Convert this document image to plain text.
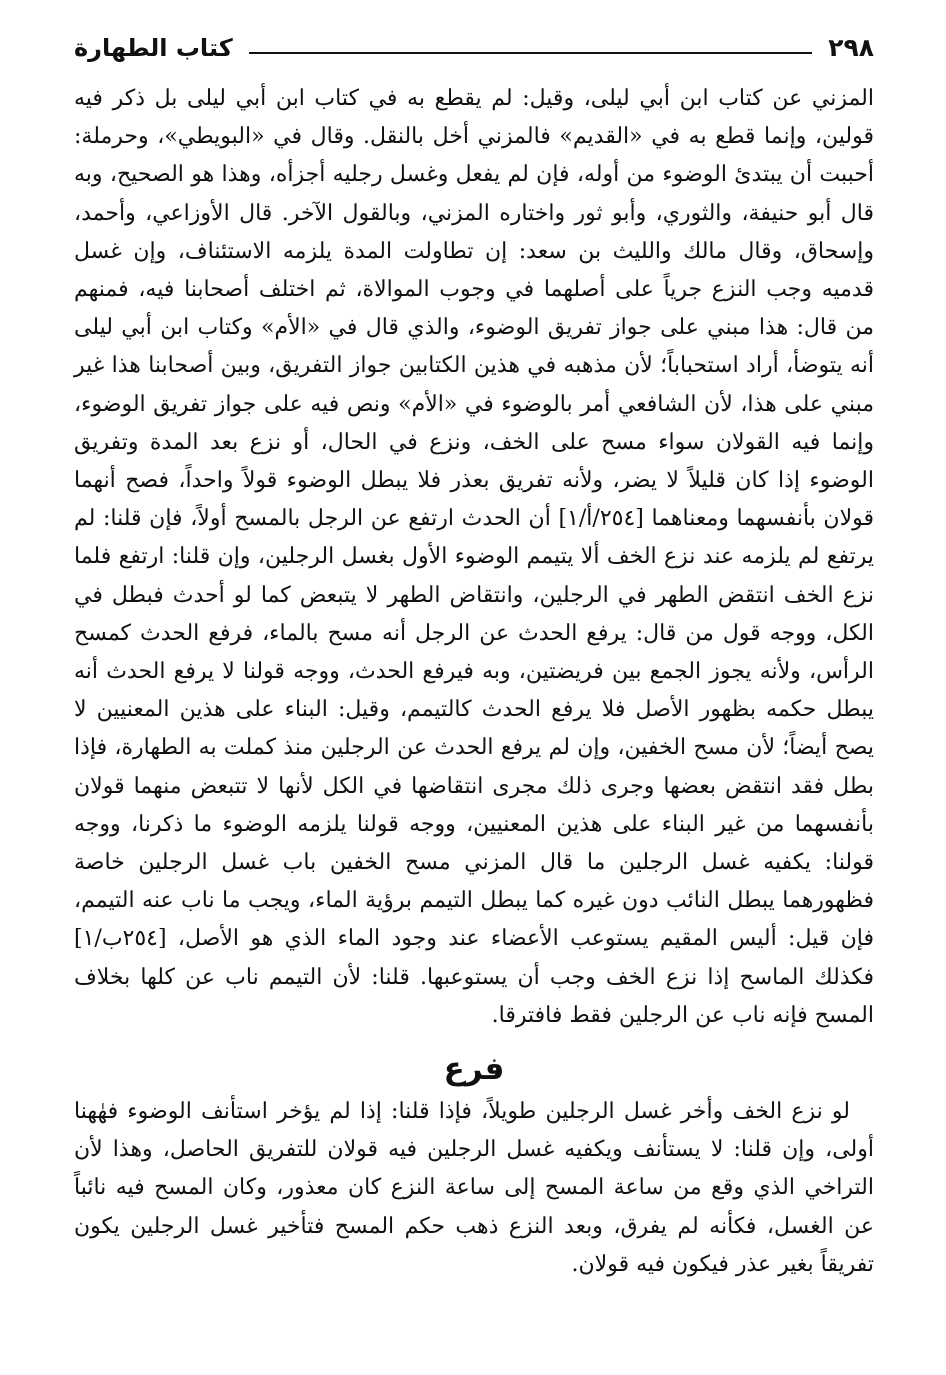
٢٩٨
كتاب الطهارة

المزني عن كتاب ابن أبي ليلى، وقيل: لم يقطع به في كتاب ابن أبي ليلى بل ذكر فيه قولين، وإنما قطع به في «القديم» فالمزني أخل بالنقل. وقال في «البويطي»، وحرملة: أحببت أن يبتدئ الوضوء من أوله، فإن لم يفعل وغسل رجليه أجزأه، وهذا هو الصحيح، وبه قال أبو حنيفة، والثوري، وأبو ثور واختاره المزني، وبالقول الآخر. قال الأوزاعي، وأحمد، وإسحاق، وقال مالك والليث بن سعد: إن تطاولت المدة يلزمه الاستئناف، وإن غسل قدميه وجب النزع جرياً على أصلهما في وجوب الموالاة، ثم اختلف أصحابنا فيه، فمنهم من قال: هذا مبني على جواز تفريق الوضوء، والذي قال في «الأم» وكتاب ابن أبي ليلى أنه يتوضأ، أراد استحباباً؛ لأن مذهبه في هذين الكتابين جواز التفريق، وبين أصحابنا هذا غير مبني على هذا، لأن الشافعي أمر بالوضوء في «الأم» ونص فيه على جواز تفريق الوضوء، وإنما فيه القولان سواء مسح على الخف، ونزع في الحال، أو نزع بعد المدة وتفريق الوضوء إذا كان قليلاً لا يضر، ولأنه تفريق بعذر فلا يبطل الوضوء قولاً واحداً، فصح أنهما قولان بأنفسهما ومعناهما [٢٥٤/أ/١] أن الحدث ارتفع عن الرجل بالمسح أولاً، فإن قلنا: لم يرتفع لم يلزمه عند نزع الخف ألا يتيمم الوضوء الأول بغسل الرجلين، وإن قلنا: ارتفع فلما نزع الخف انتقض الطهر في الرجلين، وانتقاض الطهر لا يتبعض كما لو أحدث فبطل في الكل، ووجه قول من قال: يرفع الحدث عن الرجل أنه مسح بالماء، فرفع الحدث كمسح الرأس، ولأنه يجوز الجمع بين فريضتين، وبه فيرفع الحدث، ووجه قولنا لا يرفع الحدث أنه يبطل حكمه بظهور الأصل فلا يرفع الحدث كالتيمم، وقيل: البناء على هذين المعنيين لا يصح أيضاً؛ لأن مسح الخفين، وإن لم يرفع الحدث عن الرجلين منذ كملت به الطهارة، فإذا بطل فقد انتقض بعضها وجرى ذلك مجرى انتقاضها في الكل لأنها لا تتبعض منهما قولان بأنفسهما من غير البناء على هذين المعنيين، ووجه قولنا يلزمه الوضوء ما ذكرنا، ووجه قولنا: يكفيه غسل الرجلين ما قال المزني مسح الخفين باب غسل الرجلين خاصة فظهورهما يبطل النائب دون غيره كما يبطل التيمم برؤية الماء، ويجب ما ناب عنه التيمم، فإن قيل: أليس المقيم يستوعب الأعضاء عند وجود الماء الذي هو الأصل، [٢٥٤ب/١] فكذلك الماسح إذا نزع الخف وجب أن يستوعبها. قلنا: لأن التيمم ناب عن كلها بخلاف المسح فإنه ناب عن الرجلين فقط فافترقا.

فرع

لو نزع الخف وأخر غسل الرجلين طويلاً، فإذا قلنا: إذا لم يؤخر استأنف الوضوء فهٰهنا أولى، وإن قلنا: لا يستأنف ويكفيه غسل الرجلين فيه قولان للتفريق الحاصل، وهذا لأن التراخي الذي وقع من ساعة المسح إلى ساعة النزع كان معذور، وكان المسح فيه نائباً عن الغسل، فكأنه لم يفرق، وبعد النزع ذهب حكم المسح فتأخير غسل الرجلين يكون تفريقاً بغير عذر فيكون فيه قولان.
